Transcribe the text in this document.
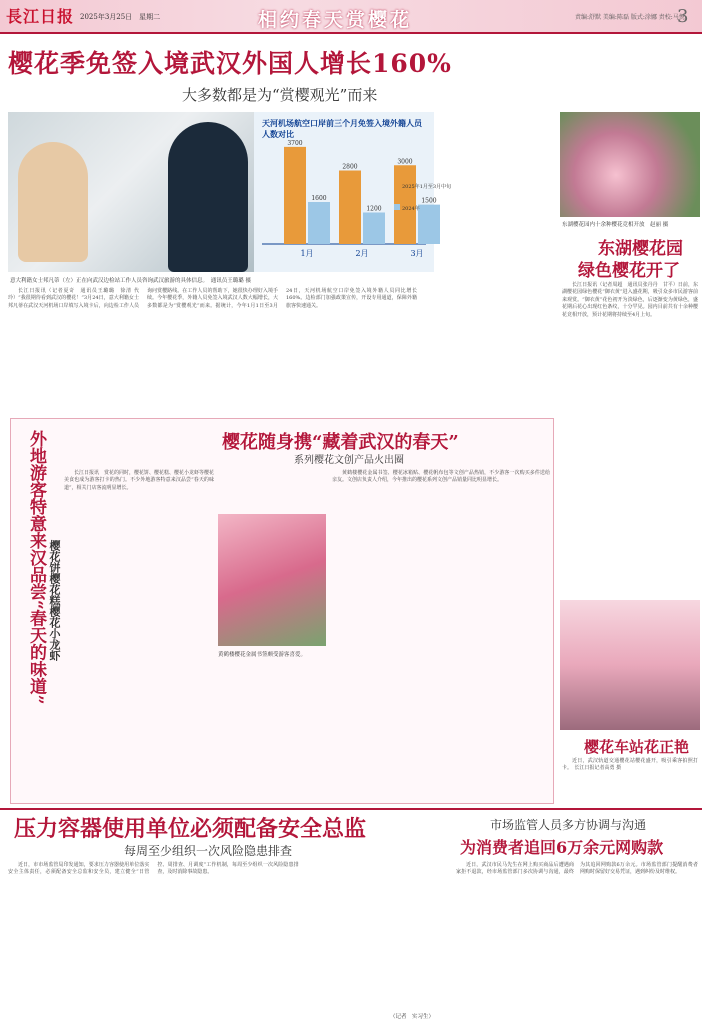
長江日报 2025年3月25日　星期二	相约春天赏樱花	责编:舒默 美编:陈磊 版式:涂娜 责校:马悦
3
樱花季免签入境武汉外国人增长160%
大多数都是为“赏樱观光”而来
意大利籍女士邦凡蒂（左）正在向武汉边检站工作人员咨询武汉旅游的具体信息。　通讯员王璐璐 摄
3700
1600
1月
2800
1200
2月
3000
1500
3月
2025年1月至3月中旬
2024年
天河机场航空口岸前三个月免签入境外籍人员人数对比

长江日报讯（记者夏奇　通讯员王璐璐　徐清 代玲）“我很期待看到武汉的樱花！”3月24日，意大利籍女士邦凡蒂在武汉天河机场口岸填写入境卡后，向边检工作人员询问赏樱路线。在工作人员的帮助下，她很快办理好入境手续。今年樱花季，外籍人员免签入境武汉人数大幅增长，大多数都是为“赏樱观光”而来。据统计，今年1月1日至3月24日，天河机场航空口岸免签入境外籍人员同比增长160%。边检部门加强政策宣传，开设专用通道，保障外籍旅客快速通关。

东湖樱花园内十余种樱花竞相开放　赵丽 摄
东湖樱花园
绿色樱花开了

长江日报讯（记者周超　通讯员张丹丹　甘平）日前，东湖樱花园绿色樱花“御衣黄”进入盛花期，吸引众多市民游客前来观赏。“御衣黄”花色初开为淡绿色，后逐渐变为黄绿色，盛花期后花心出现红色条纹，十分罕见。园内目前共有十余种樱花竞相开放，预计花期将持续至4月上旬。

外地游客特意来汉品尝“春天的味道” 樱花饼樱花糕樱花小龙虾
樱花随身携“藏着武汉的春天”
系列樱花文创产品火出圈

长江日报讯　赏花的同时，樱花饼、樱花糕、樱花小龙虾等樱花美食也成为游客打卡的热门。不少外地游客特意来汉品尝“春天的味道”，相关门店客流明显增长。

黄鹤楼樱花金属书签颇受游客喜爱。

黄鹤楼樱花金属书签、樱花冰箱贴、樱花帆布包等文创产品热销，不少游客一次购买多件送给亲友。文创店负责人介绍，今年推出的樱花系列文创产品销量同比明显增长。

樱花车站花正艳

近日，武汉轨道交通樱花站樱花盛开，吸引乘客拍照打卡。　长江日报记者高勇 摄

压力容器使用单位必须配备安全总监
每周至少组织一次风险隐患排查

近日，市市场监管局印发通知，要求压力容器使用单位落实安全主体责任，必须配备安全总监和安全员，建立健全“日管控、周排查、月调度”工作机制，每周至少组织一次风险隐患排查，及时消除事故隐患。

（记者　实习生）
市场监管人员多方协调与沟通
为消费者追回6万余元网购款

近日，武汉市民马先生在网上购买商品后遭遇商家拒不退款，经市场监管部门多次协调与沟通，最终为其追回网购款6万余元。市场监管部门提醒消费者网购时保留好交易凭证，遇到纠纷及时维权。
